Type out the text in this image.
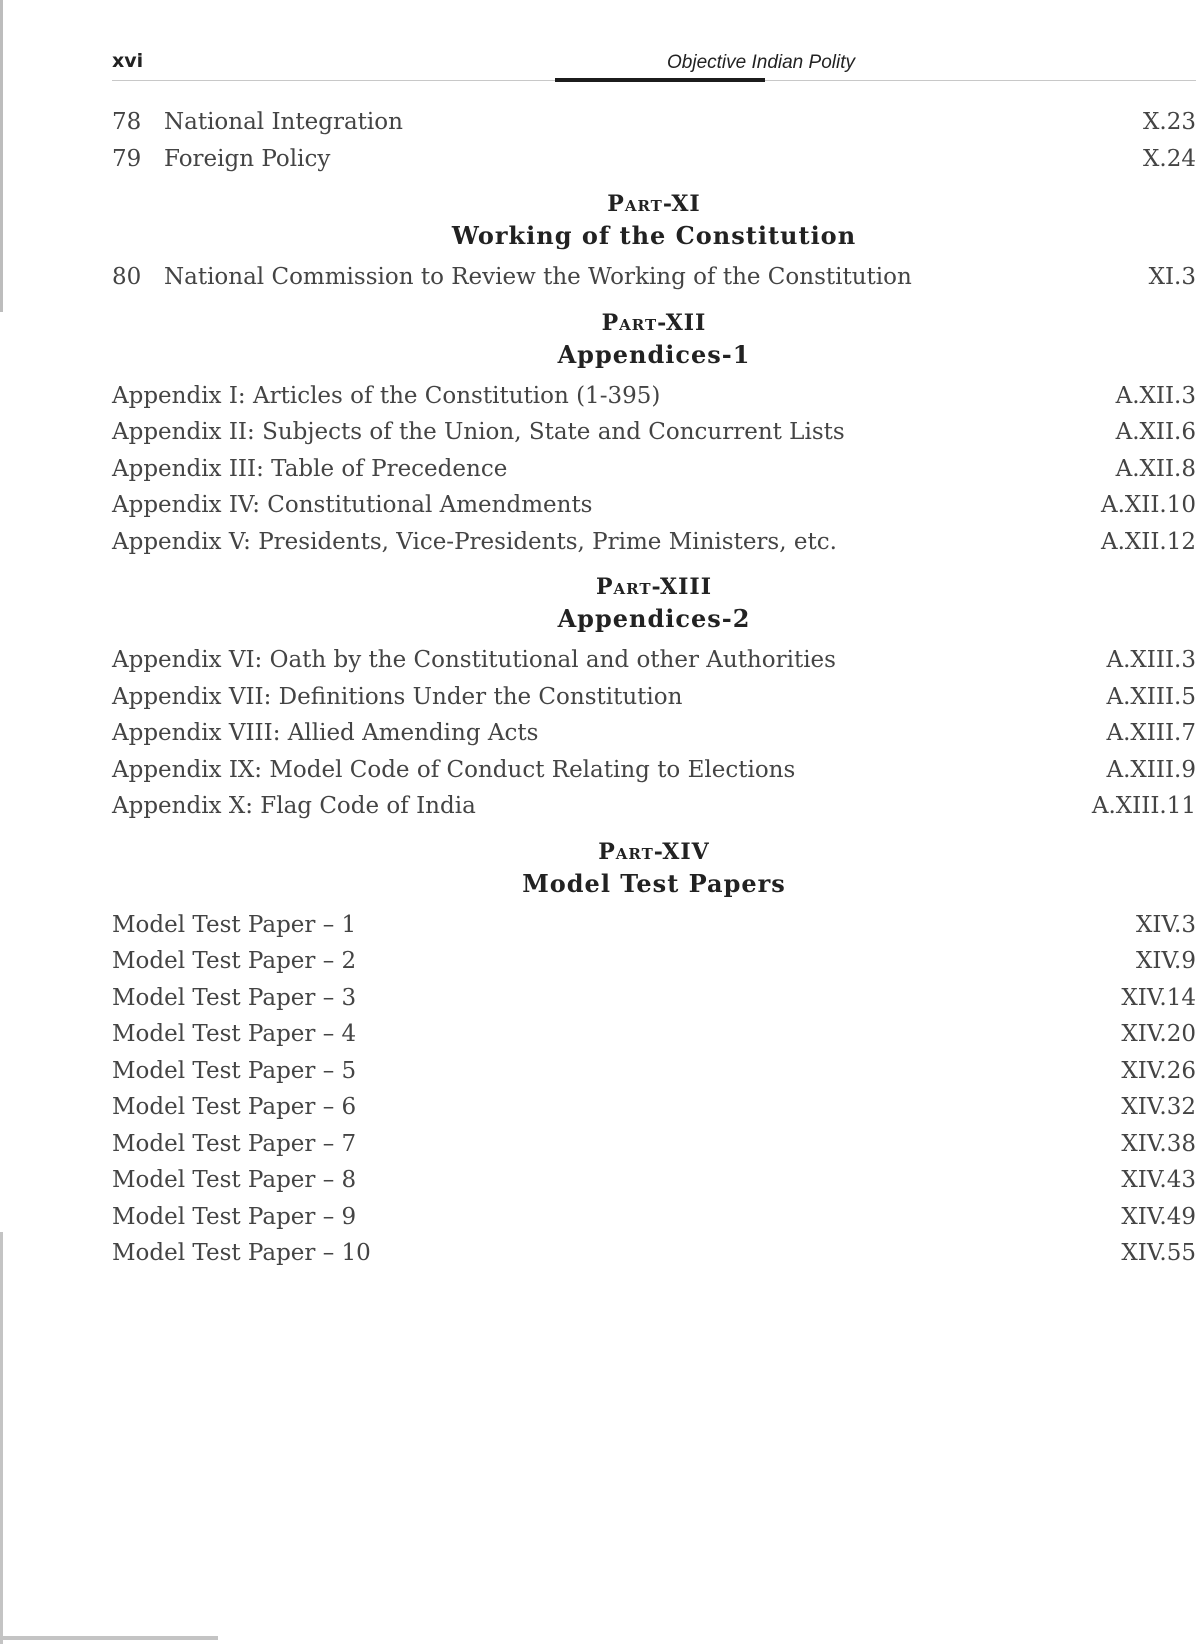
xvi	Objective Indian Polity
78 National Integration	X.23
79 Foreign Policy	X.24
Part-XI
Working of the Constitution
80 National Commission to Review the Working of the Constitution	XI.3
Part-XII
Appendices-1
Appendix I: Articles of the Constitution (1-395)	A.XII.3
Appendix II: Subjects of the Union, State and Concurrent Lists	A.XII.6
Appendix III: Table of Precedence	A.XII.8
Appendix IV: Constitutional Amendments	A.XII.10
Appendix V: Presidents, Vice-Presidents, Prime Ministers, etc.	A.XII.12
Part-XIII
Appendices-2
Appendix VI: Oath by the Constitutional and other Authorities	A.XIII.3
Appendix VII: Definitions Under the Constitution	A.XIII.5
Appendix VIII: Allied Amending Acts	A.XIII.7
Appendix IX: Model Code of Conduct Relating to Elections	A.XIII.9
Appendix X: Flag Code of India	A.XIII.11
Part-XIV
Model Test Papers
Model Test Paper – 1	XIV.3
Model Test Paper – 2	XIV.9
Model Test Paper – 3	XIV.14
Model Test Paper – 4	XIV.20
Model Test Paper – 5	XIV.26
Model Test Paper – 6	XIV.32
Model Test Paper – 7	XIV.38
Model Test Paper – 8	XIV.43
Model Test Paper – 9	XIV.49
Model Test Paper – 10	XIV.55
